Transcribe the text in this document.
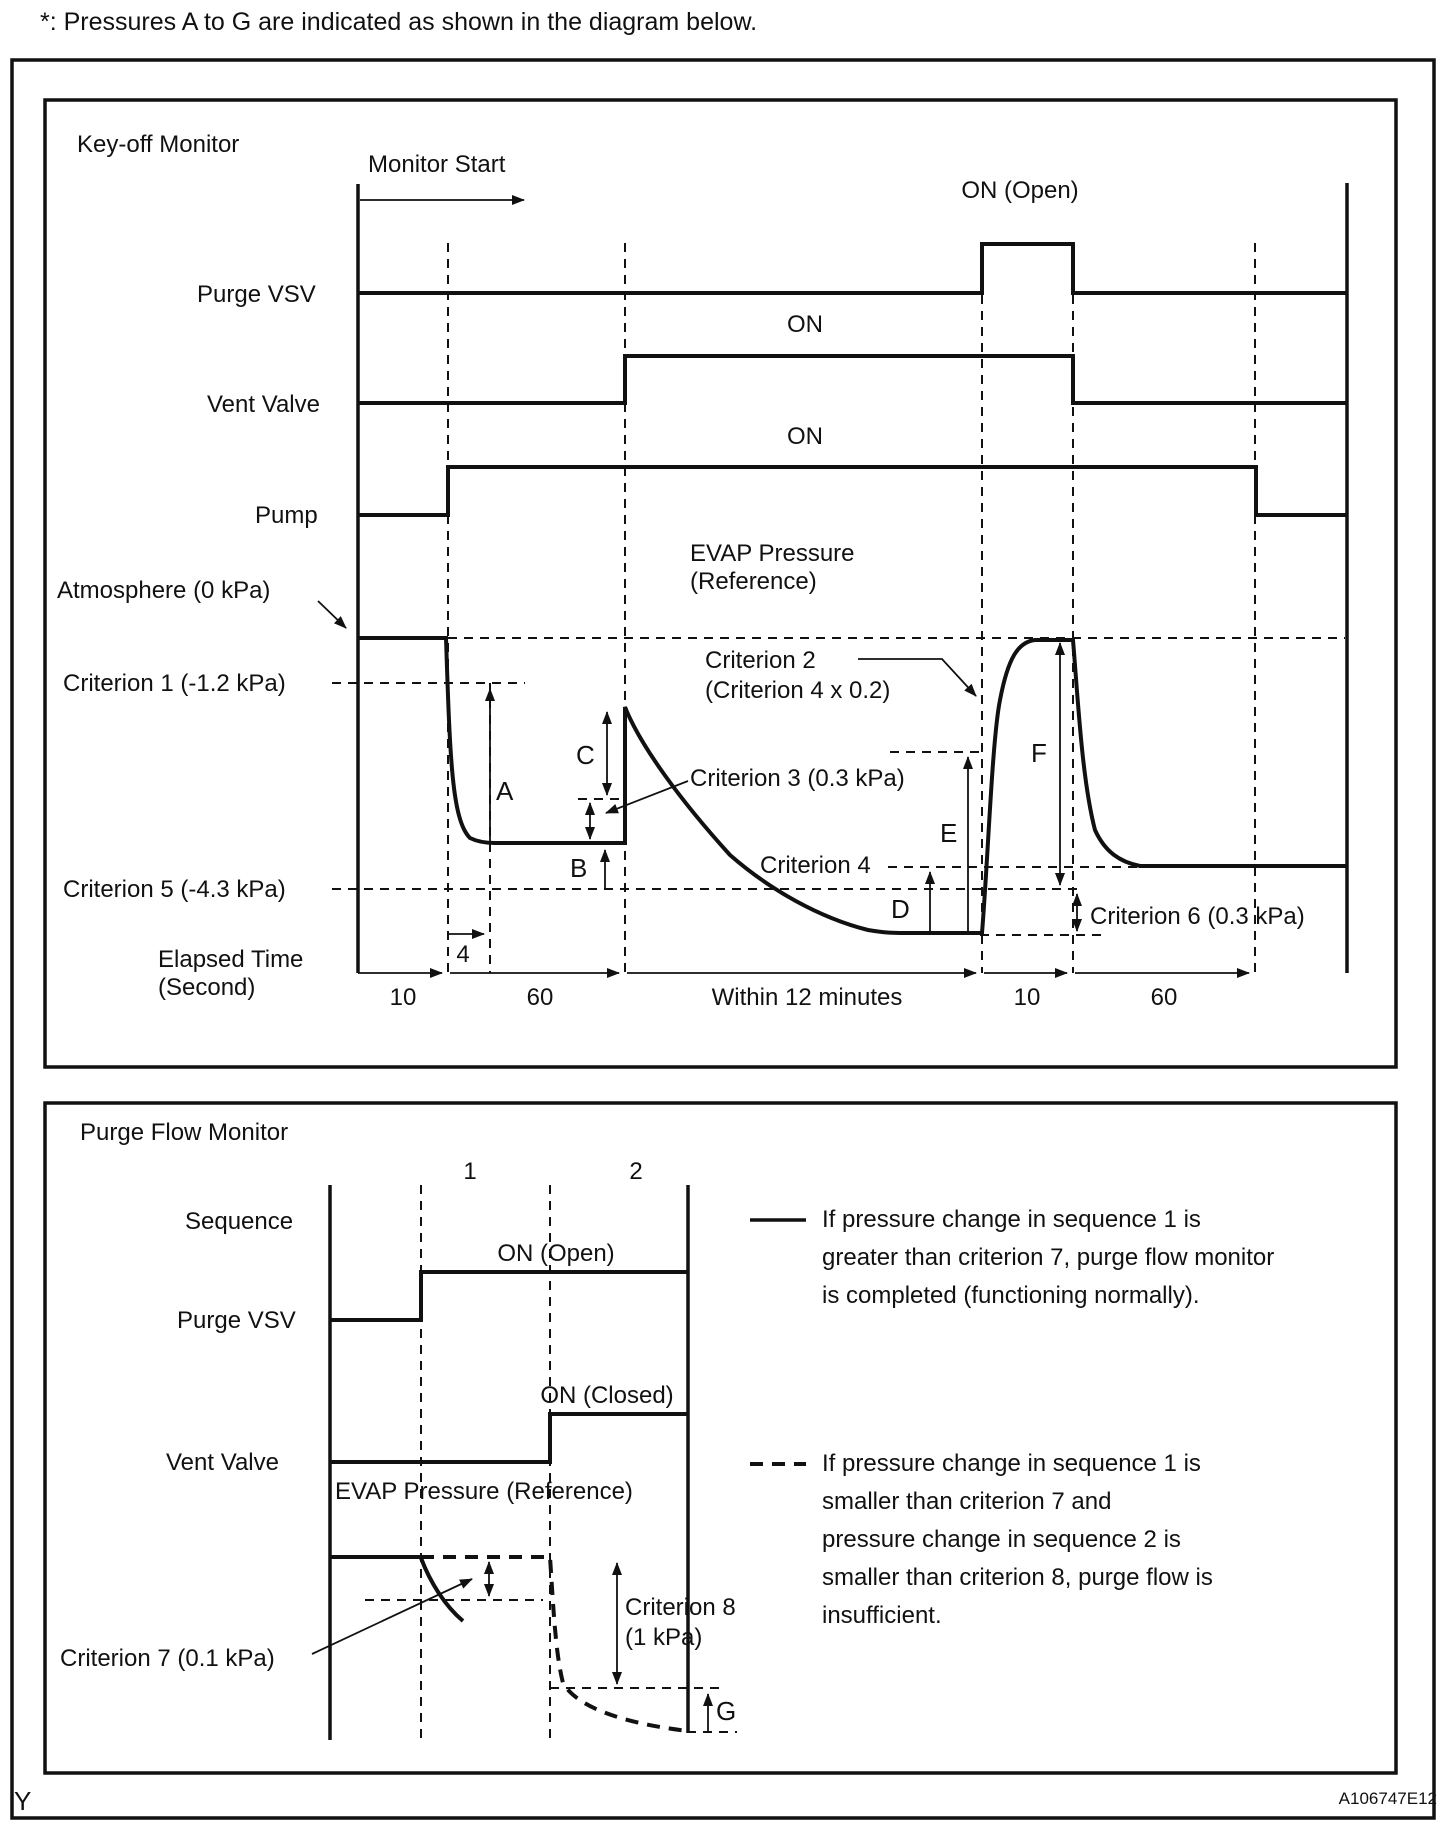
*: Pressures A to G are indicated as shown in the diagram below.
Key-off Monitor
Monitor Start
Purge VSV
Vent Valve
Pump
ON (Open)
ON
ON
Atmosphere (0 kPa)
EVAP Pressure
(Reference)
Criterion 1 (-1.2 kPa)
Criterion 5 (-4.3 kPa)
Criterion 2
(Criterion 4 x 0.2)
Criterion 3 (0.3 kPa)
Criterion 4
Criterion 6 (0.3 kPa)
A
B
C
D
E
F
Elapsed Time
(Second)	10
4
60	Within 12 minutes	10	60
Purge Flow Monitor
1	2
Sequence
ON (Open)
Purge VSV
ON (Closed)
Vent Valve
EVAP Pressure (Reference)
Criterion 7 (0.1 kPa)
Criterion 8
(1 kPa)
G
If pressure change in sequence 1 is
greater than criterion 7, purge flow monitor
is completed (functioning normally).
If pressure change in sequence 1 is
smaller than criterion 7 and
pressure change in sequence 2 is
smaller than criterion 8, purge flow is
insufficient.
Y	A106747E12
